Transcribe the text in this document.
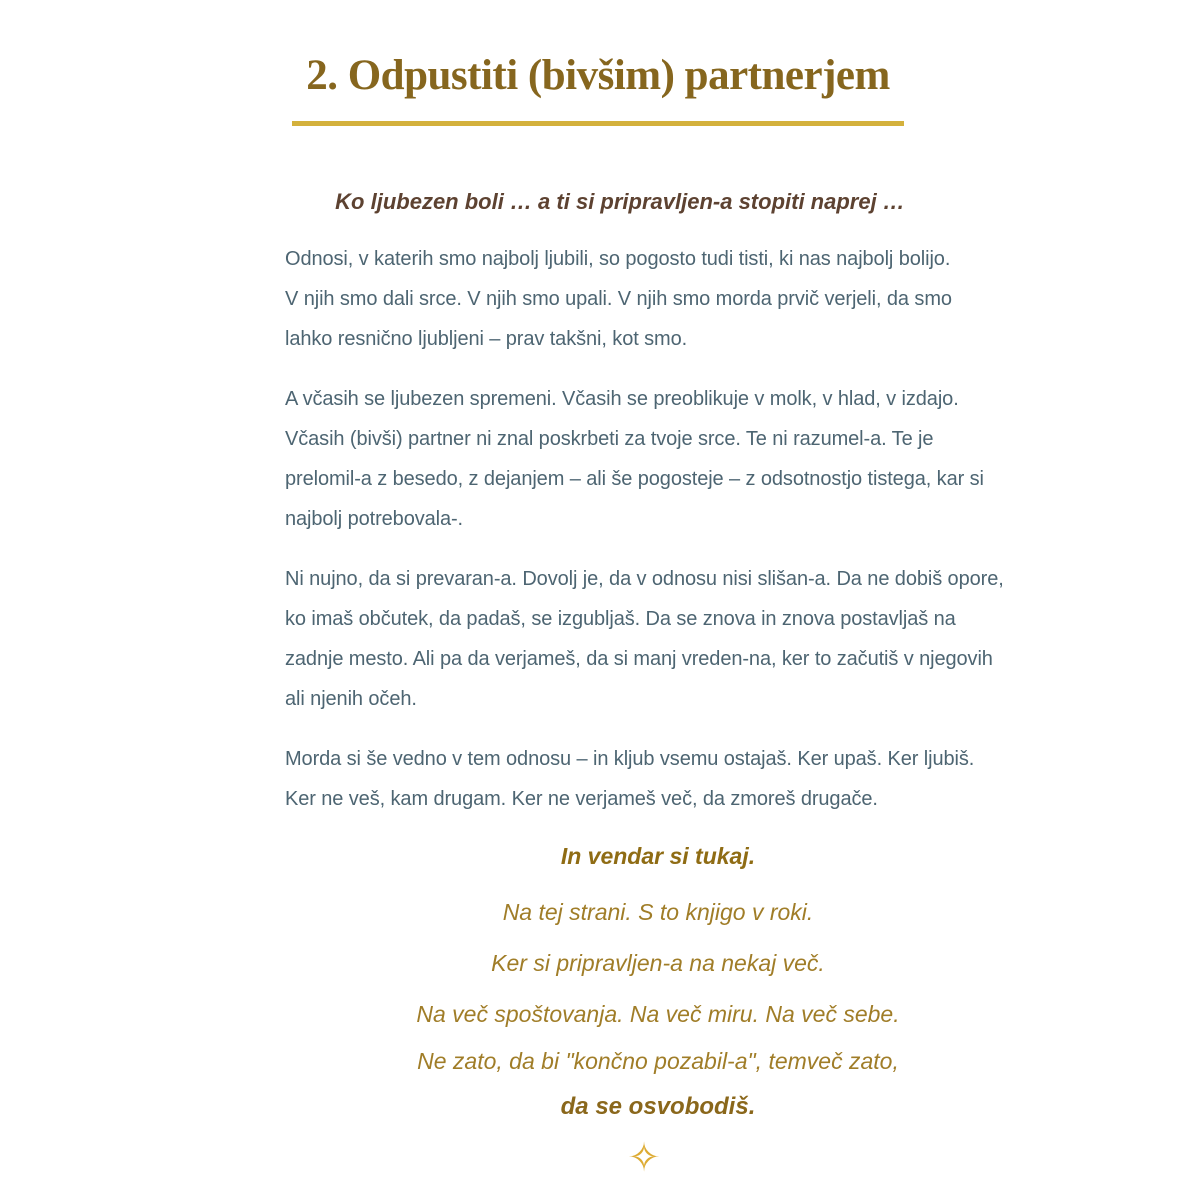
2. Odpustiti (bivšim) partnerjem

Ko ljubezen boli … a ti si pripravljen-a stopiti naprej …

Odnosi, v katerih smo najbolj ljubili, so pogosto tudi tisti, ki nas najbolj bolijo.
V njih smo dali srce. V njih smo upali. V njih smo morda prvič verjeli, da smo
lahko resnično ljubljeni – prav takšni, kot smo.
A včasih se ljubezen spremeni. Včasih se preoblikuje v molk, v hlad, v izdajo.
Včasih (bivši) partner ni znal poskrbeti za tvoje srce. Te ni razumel-a. Te je
prelomil-a z besedo, z dejanjem – ali še pogosteje – z odsotnostjo tistega, kar si
najbolj potrebovala-.
Ni nujno, da si prevaran-a. Dovolj je, da v odnosu nisi slišan-a. Da ne dobiš opore,
ko imaš občutek, da padaš, se izgubljaš. Da se znova in znova postavljaš na
zadnje mesto. Ali pa da verjameš, da si manj vreden-na, ker to začutiš v njegovih
ali njenih očeh.
Morda si še vedno v tem odnosu – in kljub vsemu ostajaš. Ker upaš. Ker ljubiš.
Ker ne veš, kam drugam. Ker ne verjameš več, da zmoreš drugače.
In vendar si tukaj.
Na tej strani. S to knjigo v roki.
Ker si pripravljen-a na nekaj več.
Na več spoštovanja. Na več miru. Na več sebe.
Ne zato, da bi "končno pozabil-a", temveč zato,
da se osvobodiš.
✧
